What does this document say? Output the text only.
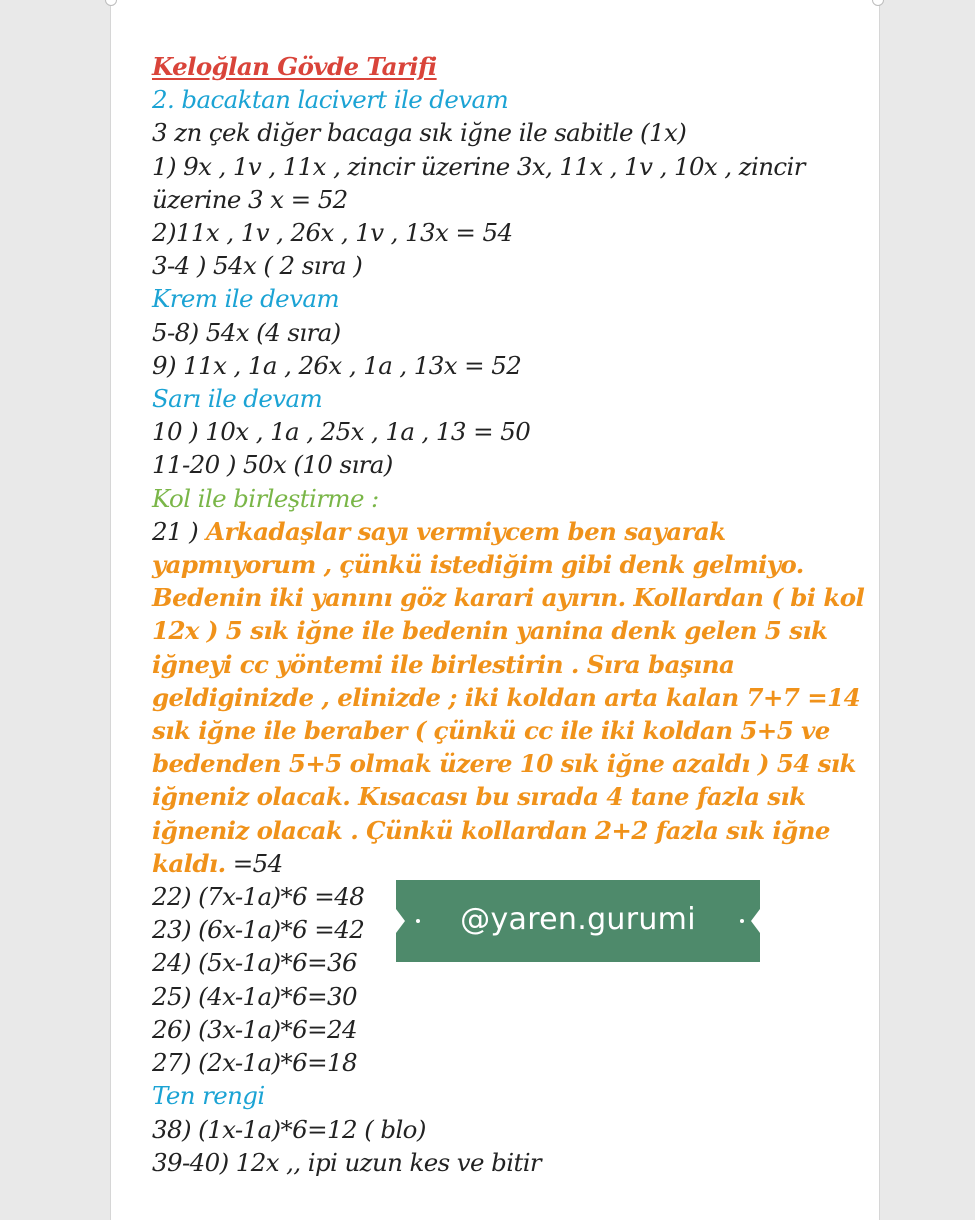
Keloğlan Gövde Tarifi
2. bacaktan lacivert ile devam
3 zn çek diğer bacaga sık iğne ile sabitle (1x)
1) 9x , 1v , 11x , zincir üzerine 3x, 11x , 1v , 10x , zincir
üzerine 3 x = 52
2)11x , 1v , 26x , 1v , 13x = 54
3-4 ) 54x ( 2 sıra )
Krem ile devam
5-8) 54x (4 sıra)
9) 11x , 1a , 26x , 1a , 13x = 52
Sarı ile devam
10 ) 10x , 1a , 25x , 1a , 13 = 50
11-20 ) 50x (10 sıra)
Kol ile birleştirme :
21 ) Arkadaşlar sayı vermiycem ben sayarak
yapmıyorum , çünkü istediğim gibi denk gelmiyo.
Bedenin iki yanını göz karari ayırın. Kollardan ( bi kol
12x ) 5 sık iğne ile bedenin yanina denk gelen 5 sık
iğneyi cc yöntemi ile birlestirin . Sıra başına
geldiginizde , elinizde ; iki koldan arta kalan 7+7 =14
sık iğne ile beraber ( çünkü cc ile iki koldan 5+5 ve
bedenden 5+5 olmak üzere 10 sık iğne azaldı ) 54 sık
iğneniz olacak. Kısacası bu sırada 4 tane fazla sık
iğneniz olacak . Çünkü kollardan 2+2 fazla sık iğne
kaldı. =54
22) (7x-1a)*6 =48
23) (6x-1a)*6 =42
24) (5x-1a)*6=36
25) (4x-1a)*6=30
26) (3x-1a)*6=24
27) (2x-1a)*6=18
Ten rengi
38) (1x-1a)*6=12 ( blo)
39-40) 12x ,, ipi uzun kes ve bitir
@yaren.gurumi
